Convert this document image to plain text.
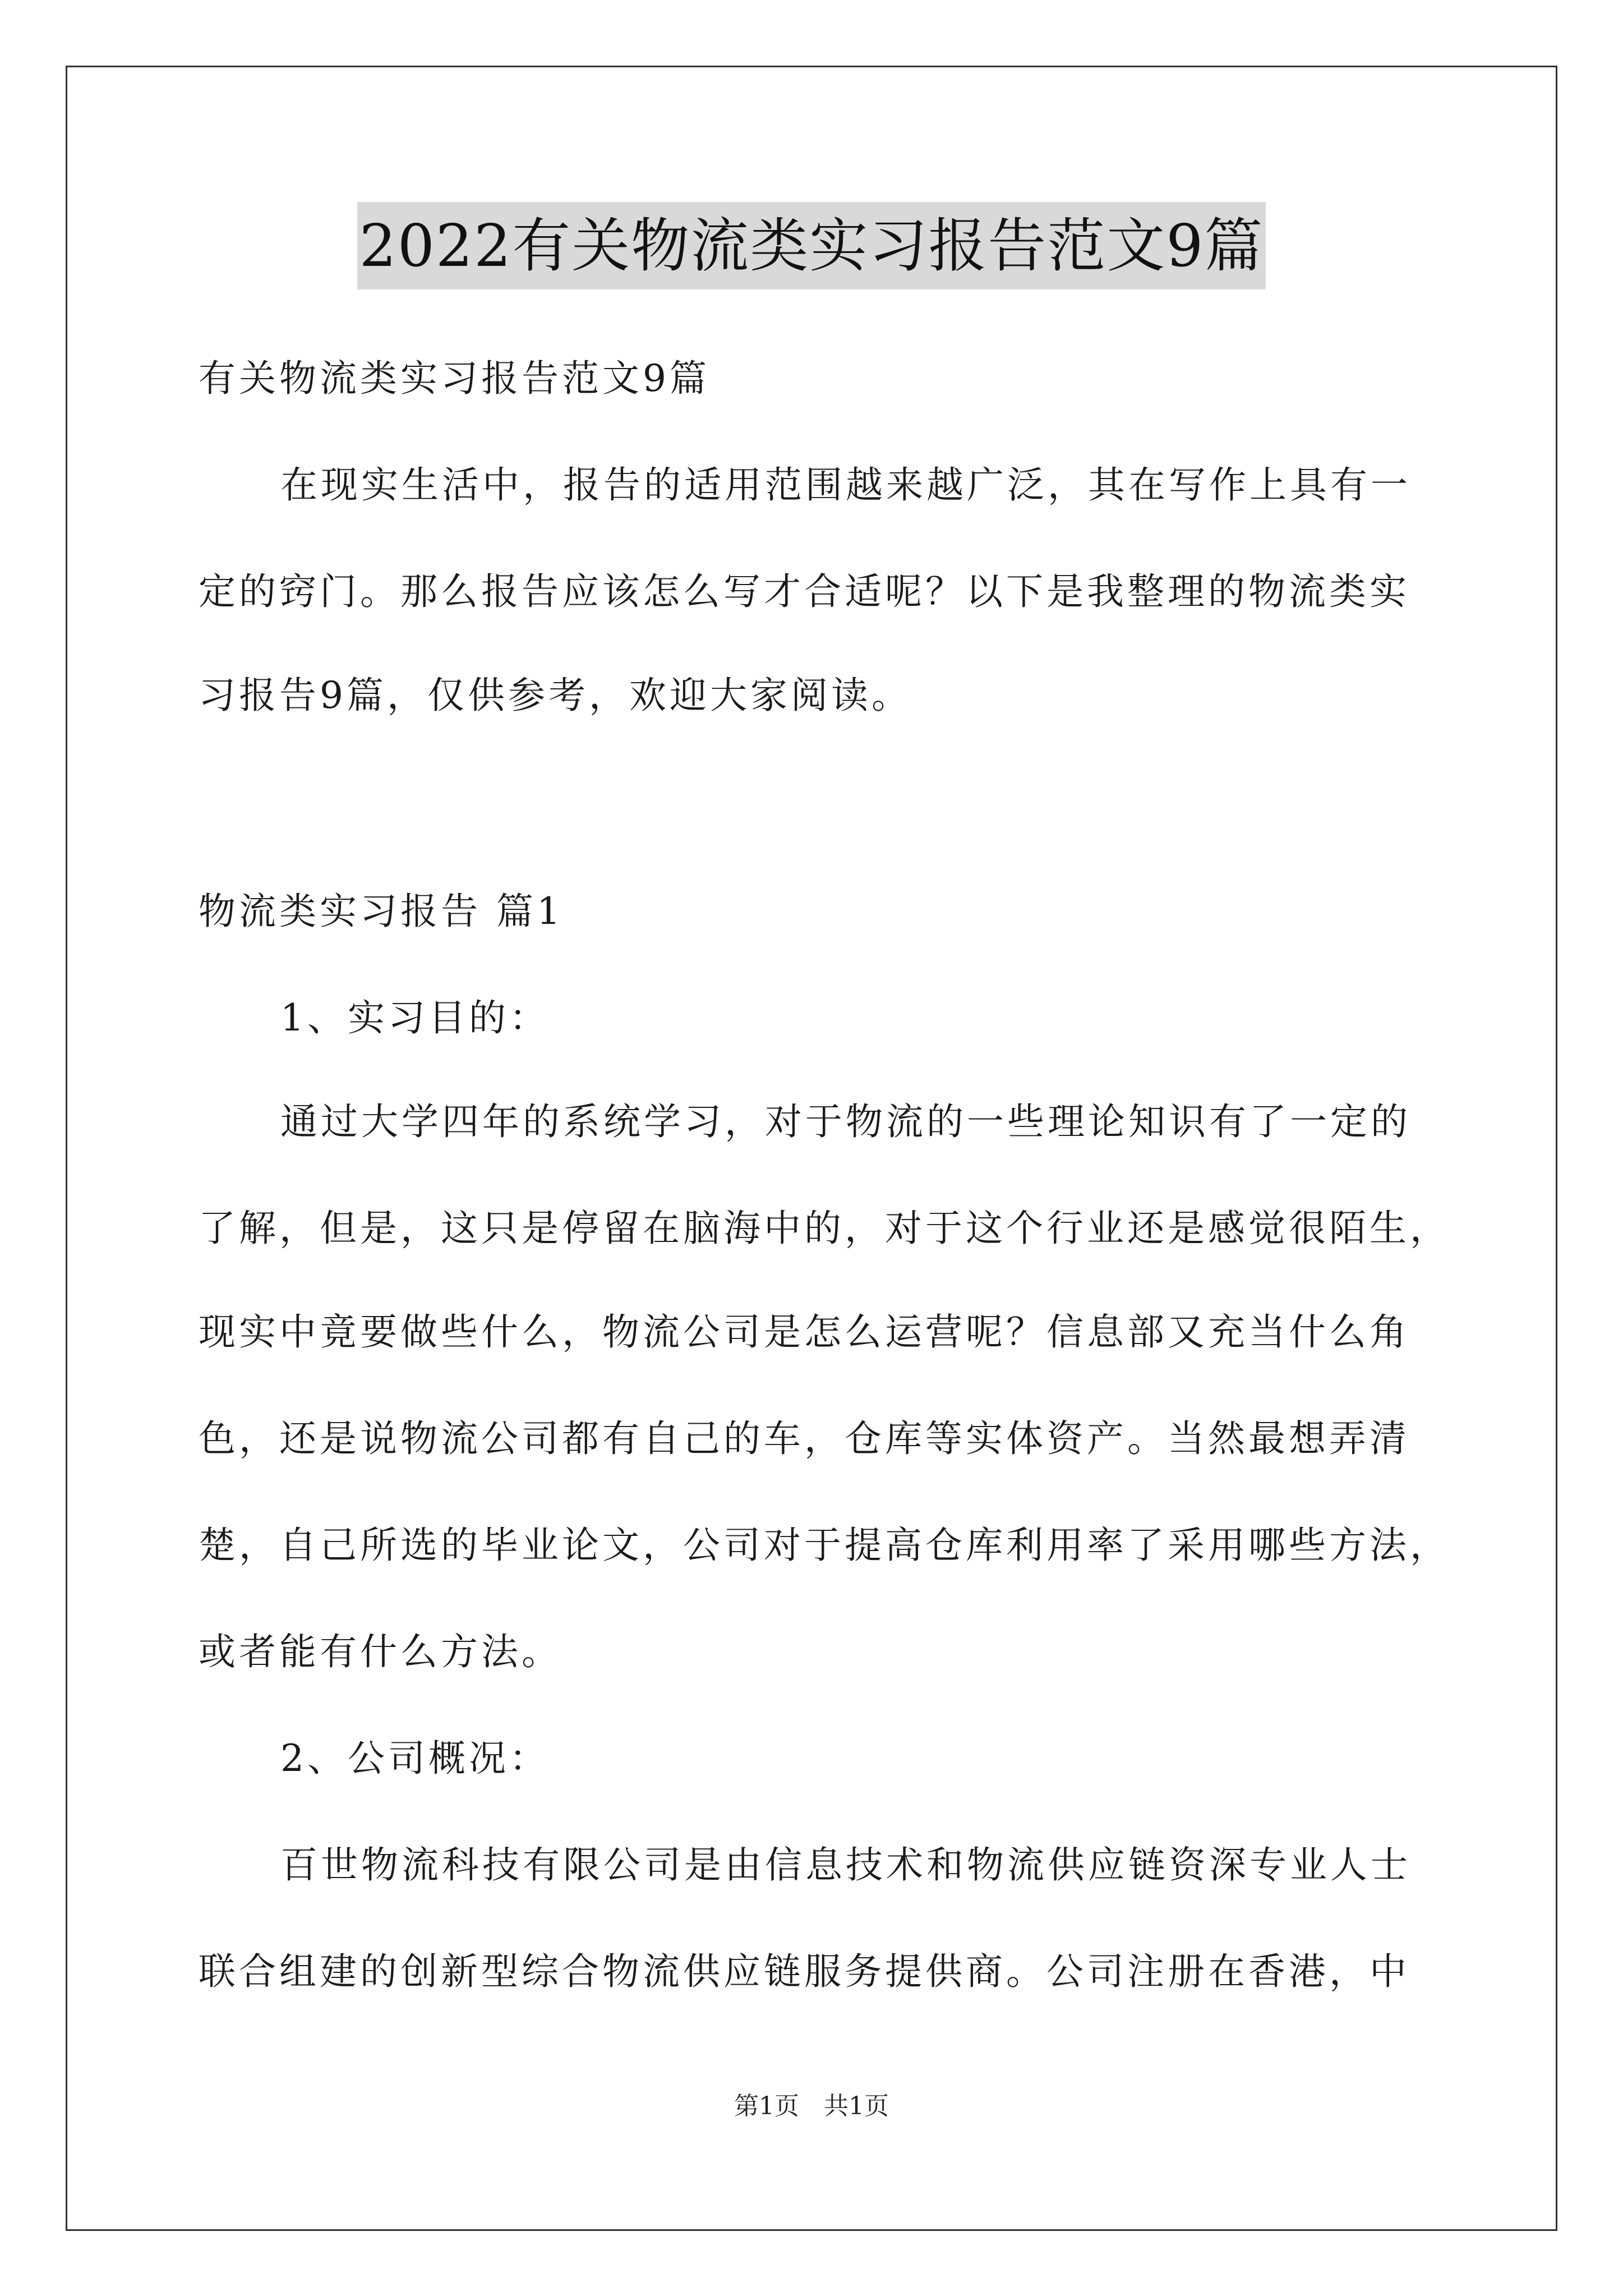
2022有关物流类实习报告范文9篇
有关物流类实习报告范文9篇
在现实生活中，报告的适用范围越来越广泛，其在写作上具有一
定的窍门。那么报告应该怎么写才合适呢？以下是我整理的物流类实
习报告9篇，仅供参考，欢迎大家阅读。
物流类实习报告 篇1
1、实习目的：
通过大学四年的系统学习，对于物流的一些理论知识有了一定的
了解，但是，这只是停留在脑海中的，对于这个行业还是感觉很陌生，
现实中竟要做些什么，物流公司是怎么运营呢？信息部又充当什么角
色，还是说物流公司都有自己的车，仓库等实体资产。当然最想弄清
楚，自己所选的毕业论文，公司对于提高仓库利用率了采用哪些方法，
或者能有什么方法。
2、公司概况：
百世物流科技有限公司是由信息技术和物流供应链资深专业人士
联合组建的创新型综合物流供应链服务提供商。公司注册在香港，中
第1页　共1页
